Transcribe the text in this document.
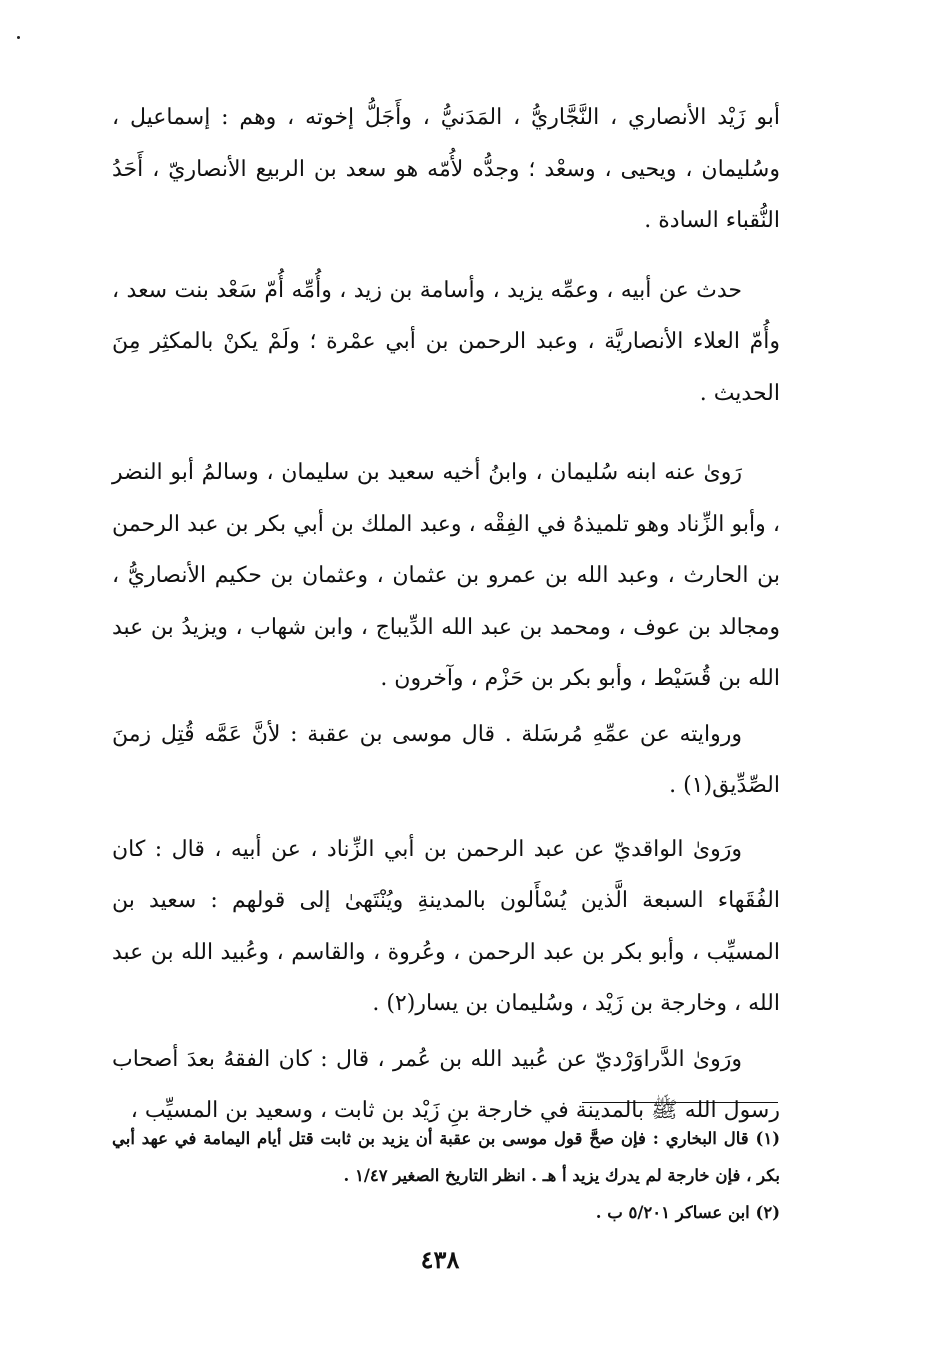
أبو زَيْد الأنصاري ، النَّجَّاريُّ ، المَدَنيُّ ، وأَجَلُّ إخوته ، وهم : إسماعيل ، وسُليمان ، ويحيى ، وسعْد ؛ وجدُّه لأُمّه هو سعد بن الربيع الأنصاريّ ، أَحَدُ النُّقباء السادة .

حدث عن أبيه ، وعمِّه يزيد ، وأسامة بن زيد ، وأُمِّه أُمّ سَعْد بنت سعد ، وأُمّ العلاء الأنصاريَّة ، وعبد الرحمن بن أبي عمْرة ؛ ولَمْ يكنْ بالمكثِر مِنَ الحديث .

رَوىٰ عنه ابنه سُليمان ، وابنُ أخيه سعيد بن سليمان ، وسالمُ أبو النضر ، وأبو الزِّناد وهو تلميذهُ في الفِقْه ، وعبد الملك بن أبي بكر بن عبد الرحمن بن الحارث ، وعبد الله بن عمرو بن عثمان ، وعثمان بن حكيم الأنصاريُّ ، ومجالد بن عوف ، ومحمد بن عبد الله الدِّيباج ، وابن شهاب ، ويزيدُ بن عبد الله بن قُسَيْط ، وأبو بكر بن حَزْم ، وآخرون .

وروايته عن عمِّهِ مُرسَلة . قال موسى بن عقبة : لأنَّ عَمَّه قُتِل زمنَ الصِّدِّيق(١) .

ورَوىٰ الواقديّ عن عبد الرحمن بن أبي الزِّناد ، عن أبيه ، قال : كان الفُقَهاء السبعة الَّذين يُسْأَلون بالمدينةِ ويُنْتَهىٰ إلى قولهم : سعيد بن المسيِّب ، وأبو بكر بن عبد الرحمن ، وعُروة ، والقاسم ، وعُبيد الله بن عبد الله ، وخارجة بن زَيْد ، وسُليمان بن يسار(٢) .

ورَوىٰ الدَّراوَرْديّ عن عُبيد الله بن عُمر ، قال : كان الفقهُ بعدَ أصحاب رسول الله ﷺ بالمدينة في خارجة بنِ زَيْد بن ثابت ، وسعيد بن المسيِّب ،

(١) قال البخاري : فإن صحَّ قول موسى بن عقبة أن يزيد بن ثابت قتل أيام اليمامة في عهد أبي بكر ، فإن خارجة لم يدرك يزيد أ هـ . انظر التاريخ الصغير ١/٤٧ .

(٢) ابن عساكر ٥/٢٠١ ب .

٤٣٨
